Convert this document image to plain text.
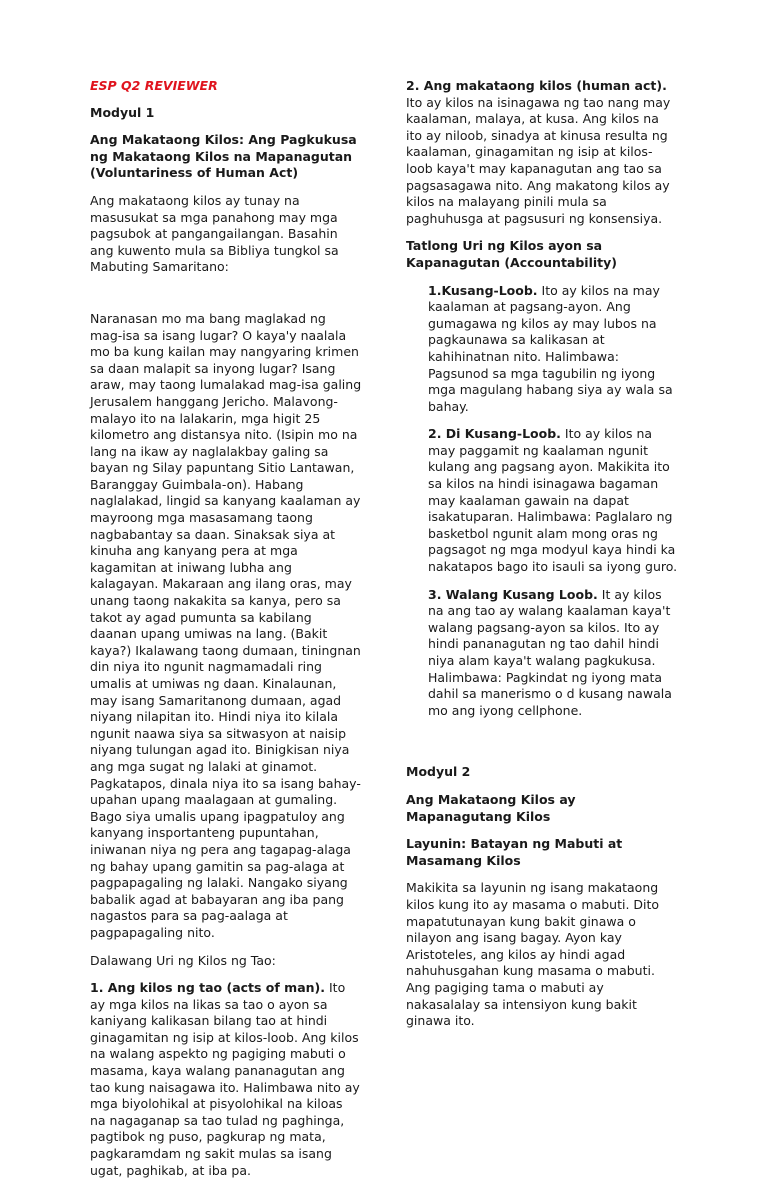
ESP Q2 REVIEWER

Modyul 1

Ang Makataong Kilos: Ang Pagkukusa ng Makataong Kilos na Mapanagutan (Voluntariness of Human Act)

Ang makataong kilos ay tunay na masusukat sa mga panahong may mga pagsubok at pangangailangan. Basahin ang kuwento mula sa Bibliya tungkol sa Mabuting Samaritano:

Naranasan mo ma bang maglakad ng mag-isa sa isang lugar? O kaya'y naalala mo ba kung kailan may nangyaring krimen sa daan malapit sa inyong lugar? Isang araw, may taong lumalakad mag-isa galing Jerusalem hanggang Jericho. Malavong-malayo ito na lalakarin, mga higit 25 kilometro ang distansya nito. (Isipin mo na lang na ikaw ay naglalakbay galing sa bayan ng Silay papuntang Sitio Lantawan, Baranggay Guimbala-on). Habang naglalakad, lingid sa kanyang kaalaman ay mayroong mga masasamang taong nagbabantay sa daan. Sinaksak siya at kinuha ang kanyang pera at mga kagamitan at iniwang lubha ang kalagayan. Makaraan ang ilang oras, may unang taong nakakita sa kanya, pero sa takot ay agad pumunta sa kabilang daanan upang umiwas na lang. (Bakit kaya?) Ikalawang taong dumaan, tiningnan din niya ito ngunit nagmamadali ring umalis at umiwas ng daan. Kinalaunan, may isang Samaritanong dumaan, agad niyang nilapitan ito. Hindi niya ito kilala ngunit naawa siya sa sitwasyon at naisip niyang tulungan agad ito. Binigkisan niya ang mga sugat ng lalaki at ginamot. Pagkatapos, dinala niya ito sa isang bahay-upahan upang maalagaan at gumaling. Bago siya umalis upang ipagpatuloy ang kanyang insportanteng pupuntahan, iniwanan niya ng pera ang tagapag-alaga ng bahay upang gamitin sa pag-alaga at pagpapagaling ng lalaki. Nangako siyang babalik agad at babayaran ang iba pang nagastos para sa pag-aalaga at pagpapagaling nito.

Dalawang Uri ng Kilos ng Tao:

1. Ang kilos ng tao (acts of man). Ito ay mga kilos na likas sa tao o ayon sa kaniyang kalikasan bilang tao at hindi ginagamitan ng isip at kilos-loob. Ang kilos na walang aspekto ng pagiging mabuti o masama, kaya walang pananagutan ang tao kung naisagawa ito. Halimbawa nito ay mga biyolohikal at pisyolohikal na kiloas na nagaganap sa tao tulad ng paghinga, pagtibok ng puso, pagkurap ng mata, pagkaramdam ng sakit mulas sa isang ugat, paghikab, at iba pa.

2. Ang makataong kilos (human act). Ito ay kilos na isinagawa ng tao nang may kaalaman, malaya, at kusa. Ang kilos na ito ay niloob, sinadya at kinusa resulta ng kaalaman, ginagamitan ng isip at kilos-loob kaya't may kapanagutan ang tao sa pagsasagawa nito. Ang makatong kilos ay kilos na malayang pinili mula sa paghuhusga at pagsusuri ng konsensiya.

Tatlong Uri ng Kilos ayon sa Kapanagutan (Accountability)

1.Kusang-Loob. Ito ay kilos na may kaalaman at pagsang-ayon. Ang gumagawa ng kilos ay may lubos na pagkaunawa sa kalikasan at kahihinatnan nito. Halimbawa: Pagsunod sa mga tagubilin ng iyong mga magulang habang siya ay wala sa bahay.

2. Di Kusang-Loob. Ito ay kilos na may paggamit ng kaalaman ngunit kulang ang pagsang ayon. Makikita ito sa kilos na hindi isinagawa bagaman may kaalaman gawain na dapat isakatuparan. Halimbawa: Paglalaro ng basketbol ngunit alam mong oras ng pagsagot ng mga modyul kaya hindi ka nakatapos bago ito isauli sa iyong guro.

3. Walang Kusang Loob. It ay kilos na ang tao ay walang kaalaman kaya't walang pagsang-ayon sa kilos. Ito ay hindi pananagutan ng tao dahil hindi niya alam kaya't walang pagkukusa. Halimbawa: Pagkindat ng iyong mata dahil sa manerismo o d kusang nawala mo ang iyong cellphone.

Modyul 2

Ang Makataong Kilos ay Mapanagutang Kilos

Layunin: Batayan ng Mabuti at Masamang Kilos

Makikita sa layunin ng isang makataong kilos kung ito ay masama o mabuti. Dito mapatutunayan kung bakit ginawa o nilayon ang isang bagay. Ayon kay Aristoteles, ang kilos ay hindi agad nahuhusgahan kung masama o mabuti. Ang pagiging tama o mabuti ay nakasalalay sa intensiyon kung bakit ginawa ito.
